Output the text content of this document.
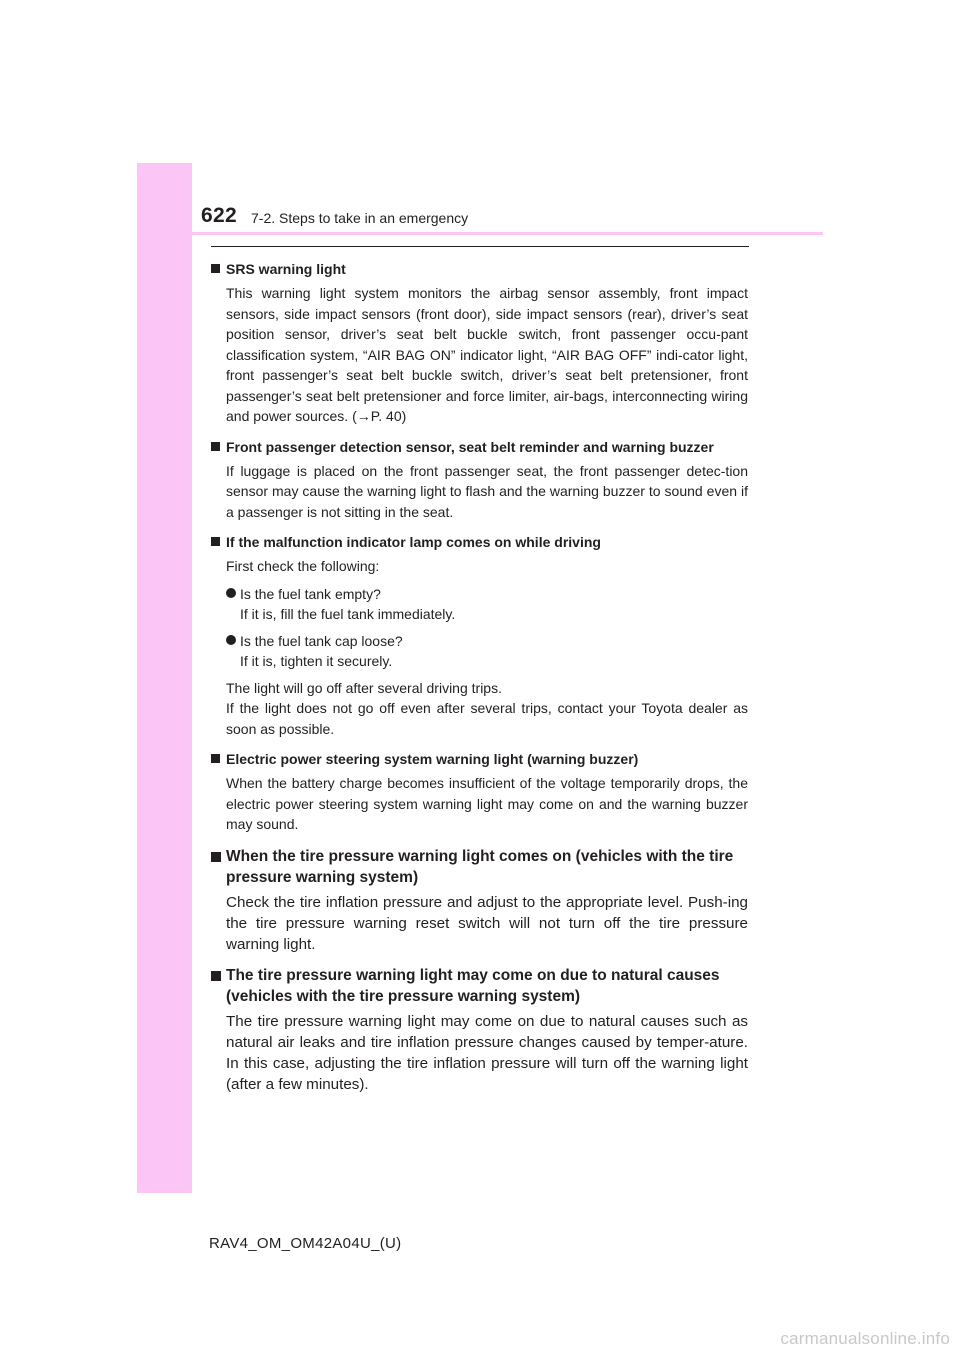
622 7-2. Steps to take in an emergency
SRS warning light

This warning light system monitors the airbag sensor assembly, front impact sensors, side impact sensors (front door), side impact sensors (rear), driver’s seat position sensor, driver’s seat belt buckle switch, front passenger occu-pant classification system, “AIR BAG ON” indicator light, “AIR BAG OFF” indi-cator light, front passenger’s seat belt buckle switch, driver’s seat belt pretensioner, front passenger’s seat belt pretensioner and force limiter, air-bags, interconnecting wiring and power sources. (→P. 40)

Front passenger detection sensor, seat belt reminder and warning buzzer

If luggage is placed on the front passenger seat, the front passenger detec-tion sensor may cause the warning light to flash and the warning buzzer to sound even if a passenger is not sitting in the seat.

If the malfunction indicator lamp comes on while driving

First check the following:

Is the fuel tank empty?
If it is, fill the fuel tank immediately.
Is the fuel tank cap loose?
If it is, tighten it securely.

The light will go off after several driving trips.

If the light does not go off even after several trips, contact your Toyota dealer as soon as possible.

Electric power steering system warning light (warning buzzer)

When the battery charge becomes insufficient of the voltage temporarily drops, the electric power steering system warning light may come on and the warning buzzer may sound.

When the tire pressure warning light comes on (vehicles with the tire pressure warning system)

Check the tire inflation pressure and adjust to the appropriate level. Push-ing the tire pressure warning reset switch will not turn off the tire pressure warning light.

The tire pressure warning light may come on due to natural causes (vehicles with the tire pressure warning system)

The tire pressure warning light may come on due to natural causes such as natural air leaks and tire inflation pressure changes caused by temper-ature. In this case, adjusting the tire inflation pressure will turn off the warning light (after a few minutes).

RAV4_OM_OM42A04U_(U)
carmanualsonline.info
